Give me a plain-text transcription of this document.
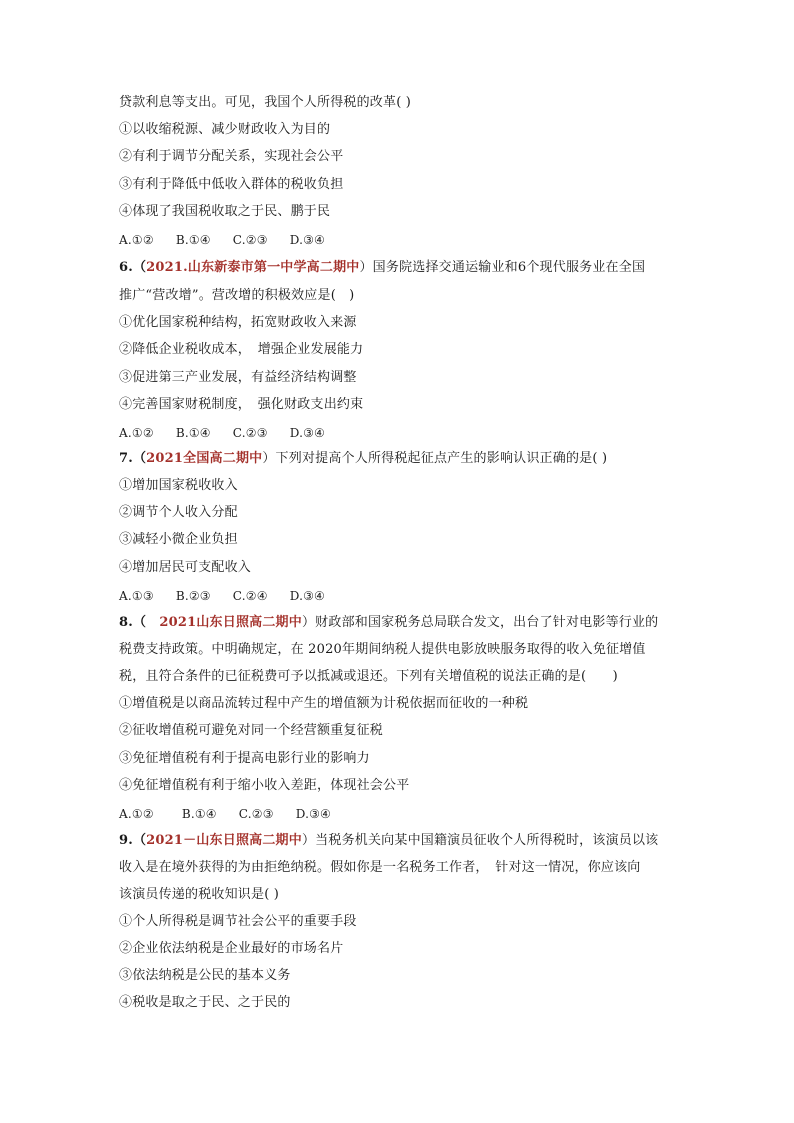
贷款利息等支出。可见，我国个人所得税的改革( )
①以收缩税源、减少财政收入为目的
②有利于调节分配关系，实现社会公平
③有利于降低中低收入群体的税收负担
④体现了我国税收取之于民、鹏于民
A.①② B.①④ C.②③ D.③④
6.（2021.山东新泰市第一中学高二期中）国务院选择交通运输业和6个现代服务业在全国
推广“营改增”。营改增的积极效应是(　)
①优化国家税种结构，拓宽财政收入来源
②降低企业税收成本，　增强企业发展能力
③促进第三产业发展，有益经济结构调整
④完善国家财税制度，　强化财政支出约束
A.①② B.①④ C.②③ D.③④
7.（2021全国高二期中）下列对提高个人所得税起征点产生的影响认识正确的是( )
①增加国家税收收入
②调节个人收入分配
③减轻小微企业负担
④增加居民可支配收入
A.①③ B.②③ C.②④ D.③④
8.（　2021山东日照高二期中）财政部和国家税务总局联合发文，出台了针对电影等行业的
税费支持政策。中明确规定，在 2020年期间纳税人提供电影放映服务取得的收入免征增值
税，且符合条件的已征税费可予以抵减或退还。下列有关增值税的说法正确的是(　　)
①增值税是以商品流转过程中产生的增值额为计税依据而征收的一种税
②征收增值税可避免对同一个经营额重复征税
③免征增值税有利于提高电影行业的影响力
④免征增值税有利于缩小收入差距，体现社会公平
A.①② B.①④ C.②③ D.③④
9.（2021－山东日照高二期中）当税务机关向某中国籍演员征收个人所得税时，该演员以该
收入是在境外获得的为由拒绝纳税。假如你是一名税务工作者，　针对这一情况，你应该向
该演员传递的税收知识是( )
①个人所得税是调节社会公平的重要手段
②企业依法纳税是企业最好的市场名片
③依法纳税是公民的基本义务
④税收是取之于民、之于民的
